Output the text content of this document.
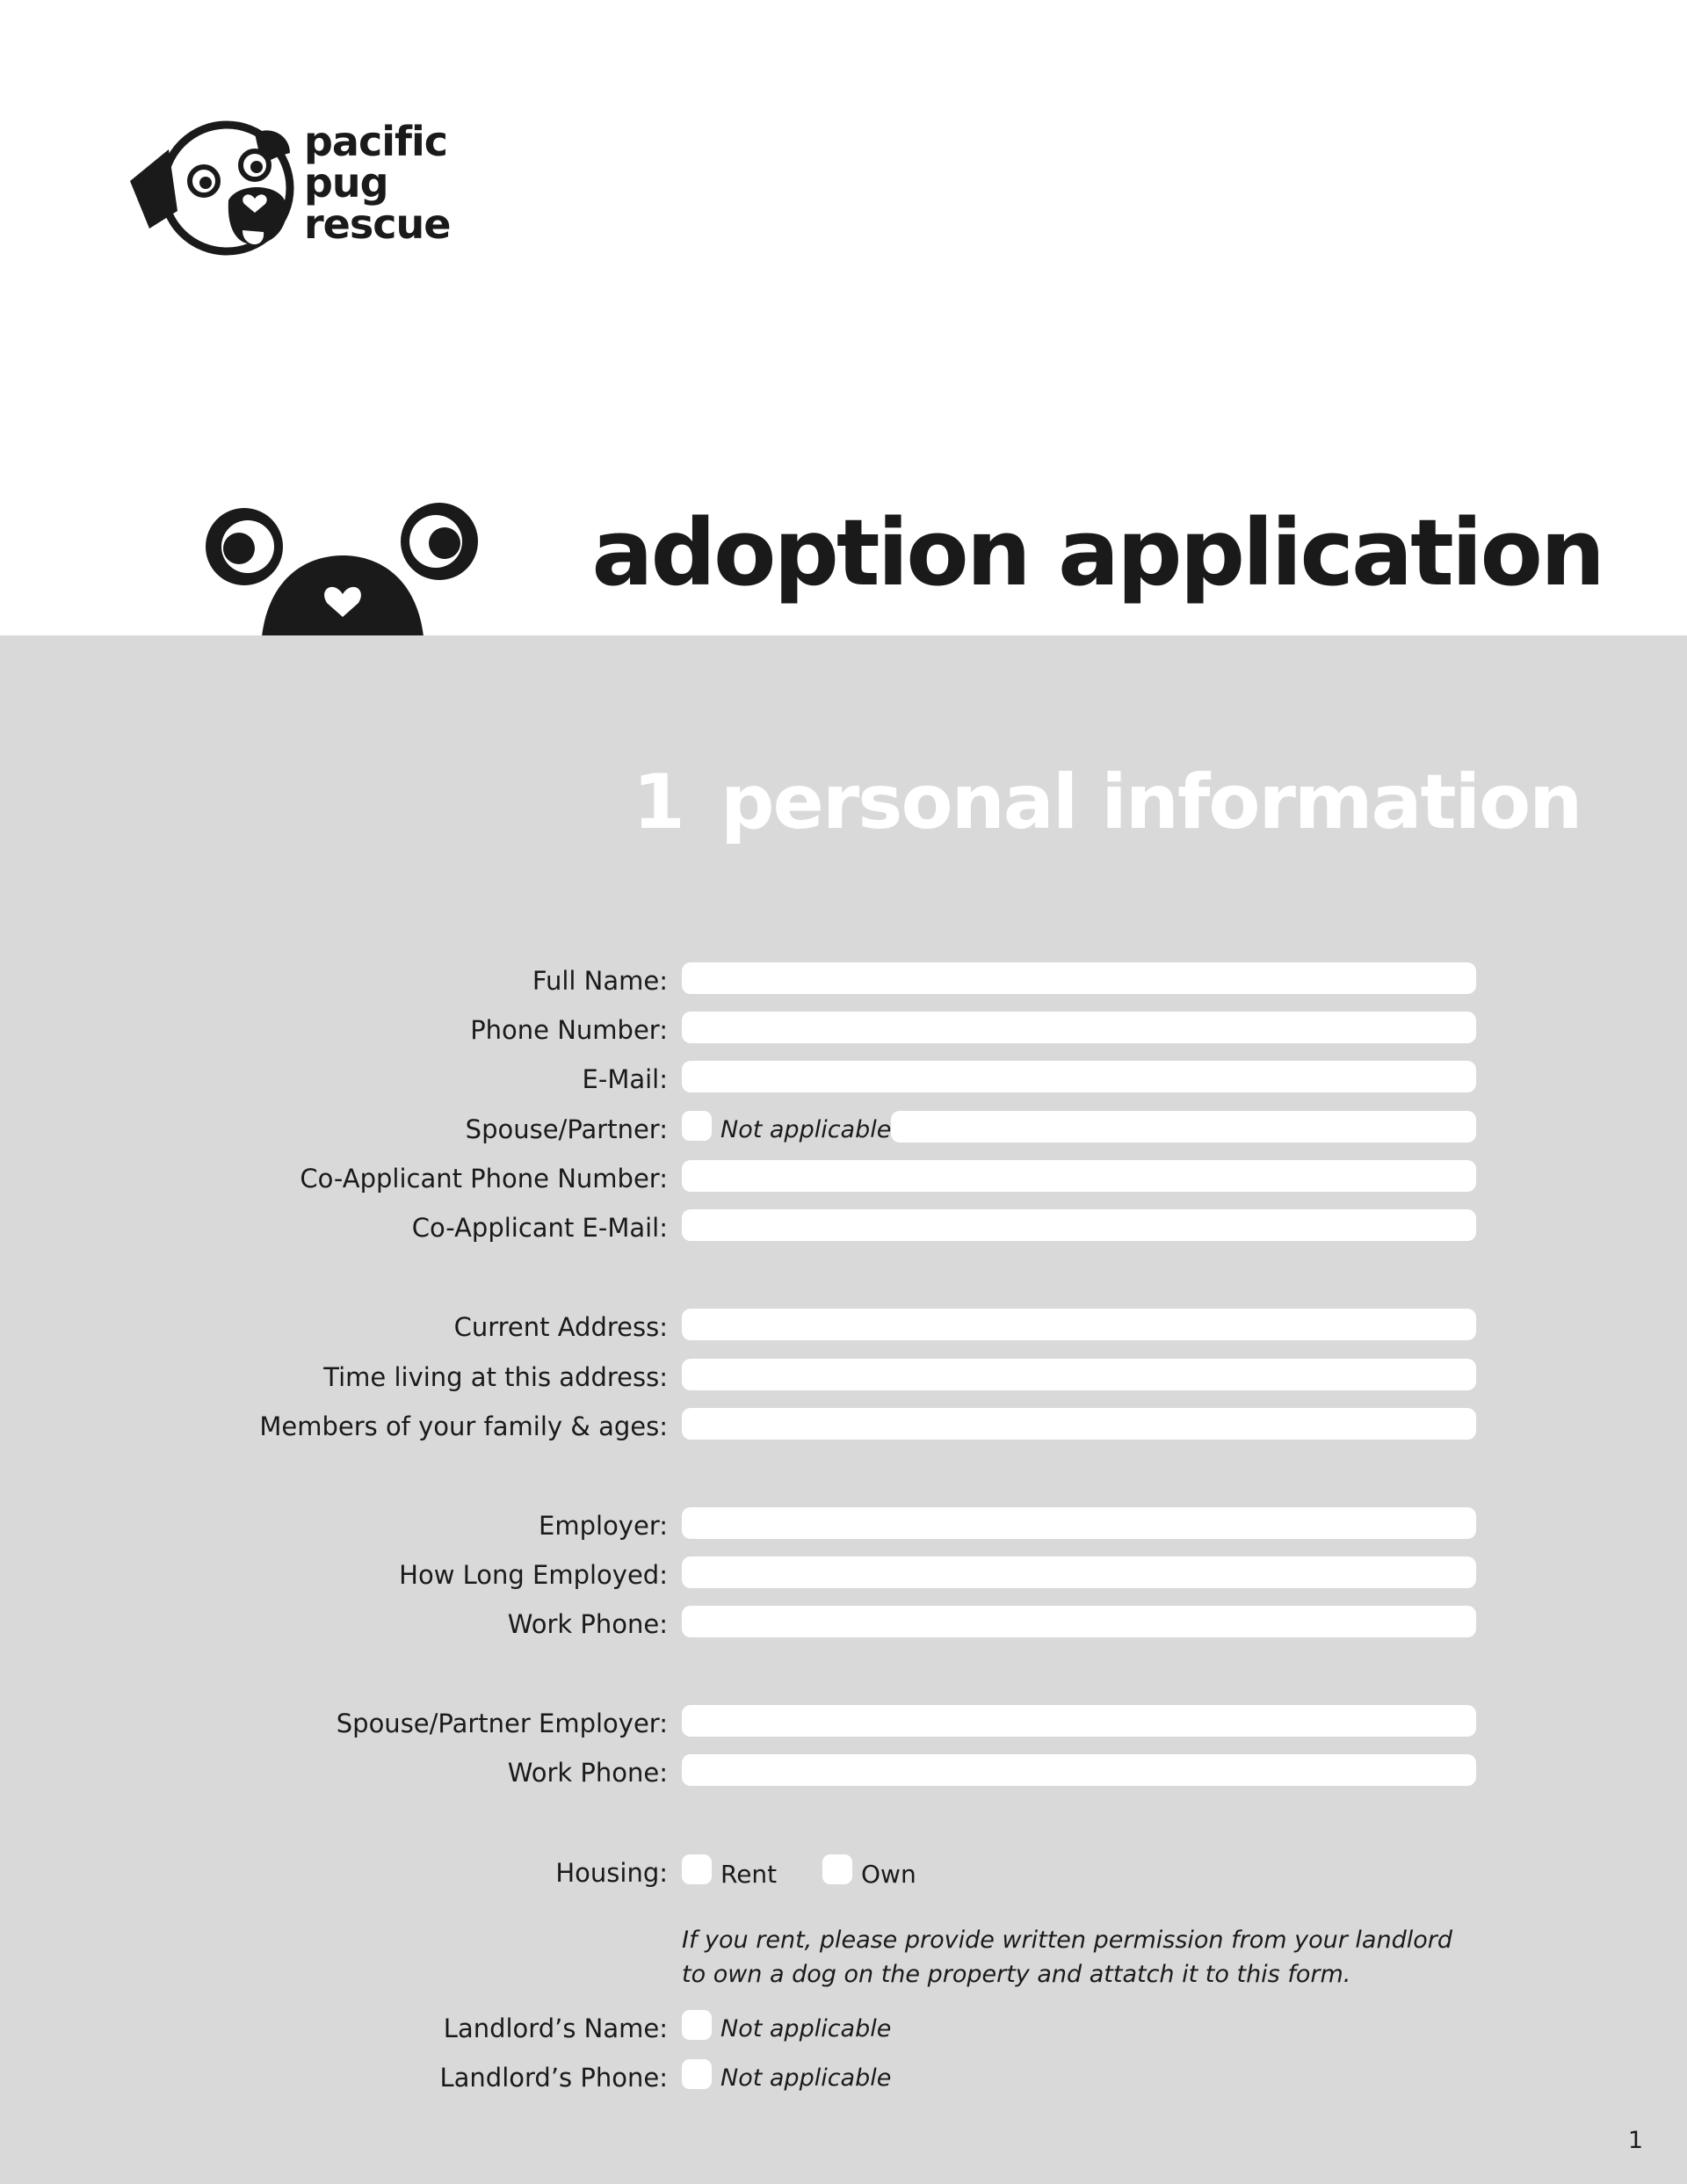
pacific
pug
rescue
adoption application
1 personal information
Full Name:
Phone Number:
E-Mail:
Spouse/Partner: Not applicable
Co-Applicant Phone Number:
Co-Applicant E-Mail:
Current Address:
Time living at this address:
Members of your family & ages:
Employer:
How Long Employed:
Work Phone:
Spouse/Partner Employer:
Work Phone:
Housing: Rent	Own
If you rent, please provide written permission from your landlord
to own a dog on the property and attatch it to this form.
Landlord’s Name: Not applicable
Landlord’s Phone: Not applicable
1
